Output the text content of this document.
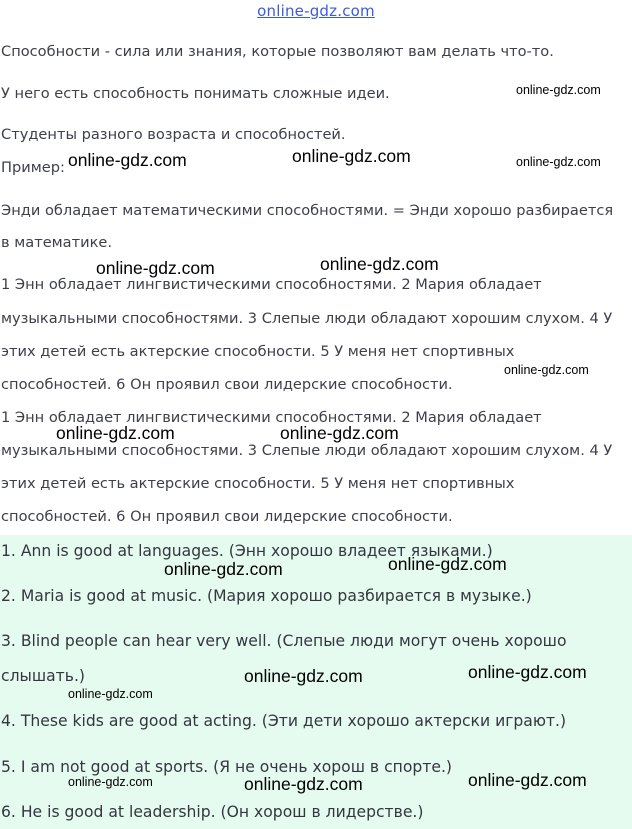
online-gdz.com
Способности - сила или знания, которые позволяют вам делать что-то.
У него есть способность понимать сложные идеи.
Студенты разного возраста и способностей.
Пример:
Энди обладает математическими способностями. = Энди хорошо разбирается
в математике.
1 Энн обладает лингвистическими способностями. 2 Мария обладает
музыкальными способностями. 3 Слепые люди обладают хорошим слухом. 4 У
этих детей есть актерские способности. 5 У меня нет спортивных
способностей. 6 Он проявил свои лидерские способности.
1 Энн обладает лингвистическими способностями. 2 Мария обладает
музыкальными способностями. 3 Слепые люди обладают хорошим слухом. 4 У
этих детей есть актерские способности. 5 У меня нет спортивных
способностей. 6 Он проявил свои лидерские способности.
1. Ann is good at languages. (Энн хорошо владеет языками.)
2. Maria is good at music. (Мария хорошо разбирается в музыке.)
3. Blind people can hear very well. (Слепые люди могут очень хорошо
слышать.)
4. These kids are good at acting. (Эти дети хорошо актерски играют.)
5. I am not good at sports. (Я не очень хорош в спорте.)
6. He is good at leadership. (Он хорош в лидерстве.)
online-gdz.com
online-gdz.com	online-gdz.com	online-gdz.com
online-gdz.com	online-gdz.com
online-gdz.com
online-gdz.com	online-gdz.com
online-gdz.com	online-gdz.com
online-gdz.com	online-gdz.com
online-gdz.com
online-gdz.com	online-gdz.com	online-gdz.com
